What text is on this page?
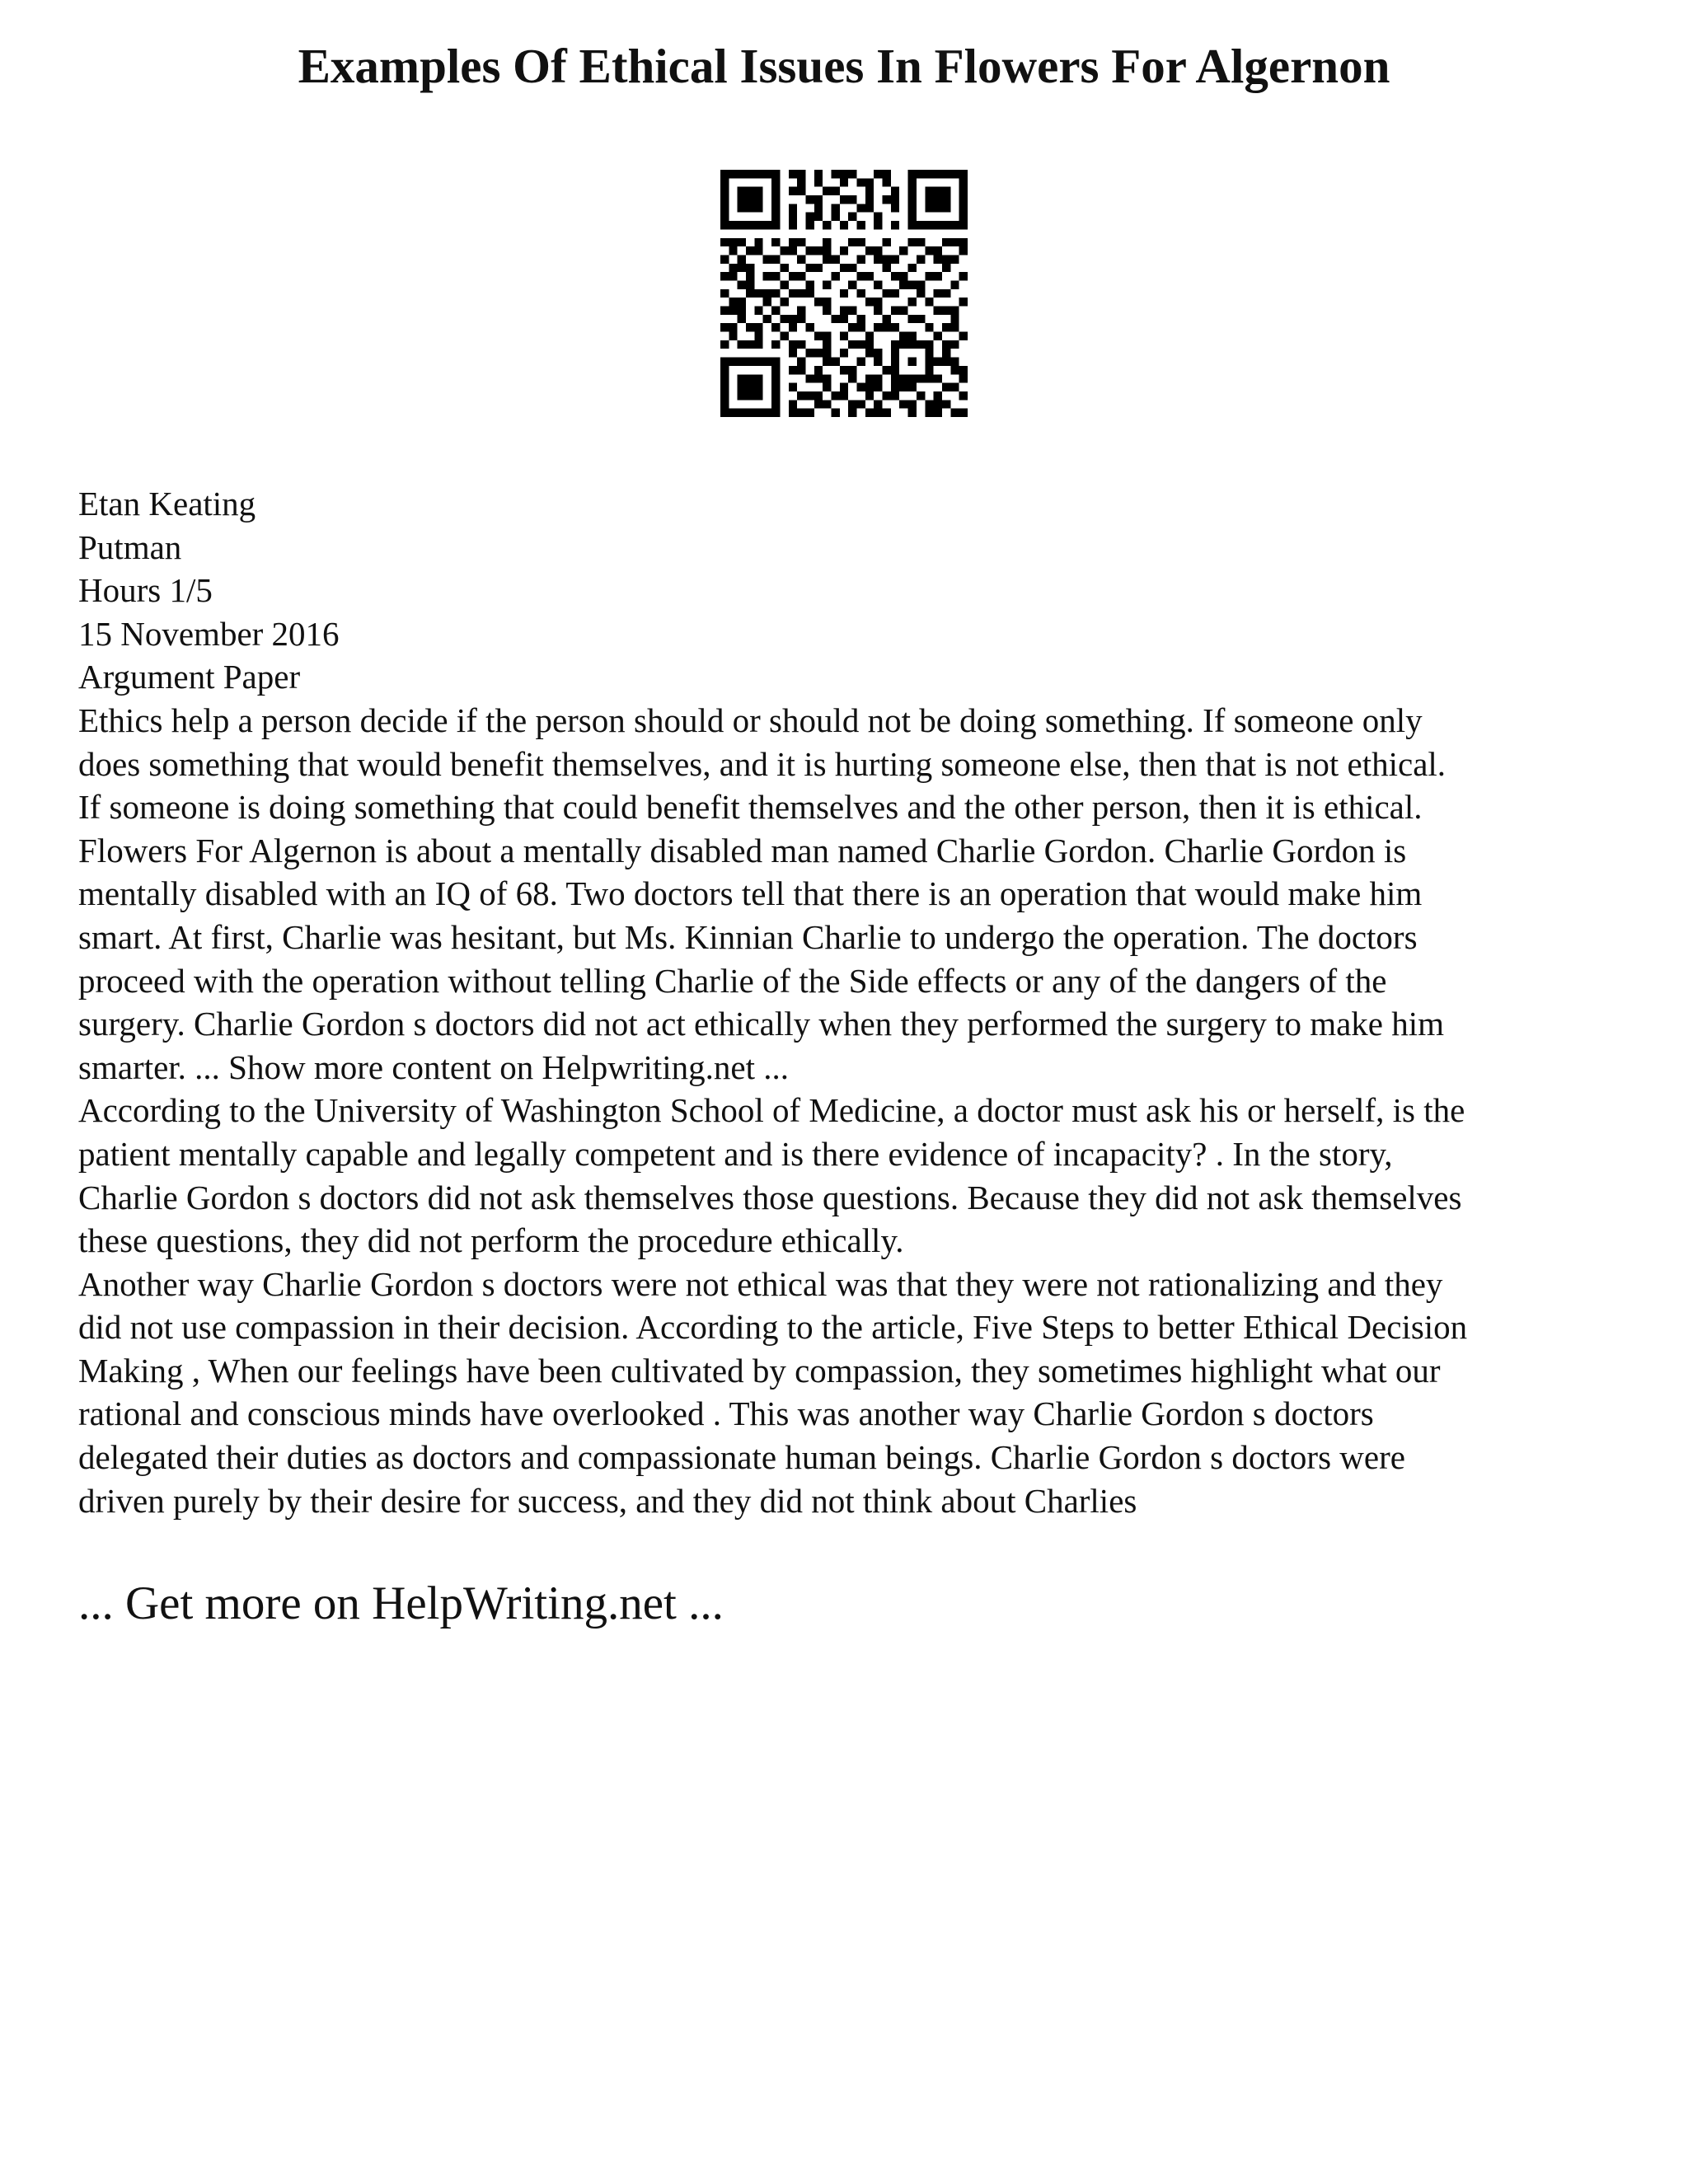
Examples Of Ethical Issues In Flowers For Algernon
Etan Keating
Putman
Hours 1/5
15 November 2016
Argument Paper
Ethics help a person decide if the person should or should not be doing something. If someone only
does something that would benefit themselves, and it is hurting someone else, then that is not ethical.
If someone is doing something that could benefit themselves and the other person, then it is ethical.
Flowers For Algernon is about a mentally disabled man named Charlie Gordon. Charlie Gordon is
mentally disabled with an IQ of 68. Two doctors tell that there is an operation that would make him
smart. At first, Charlie was hesitant, but Ms. Kinnian Charlie to undergo the operation. The doctors
proceed with the operation without telling Charlie of the Side effects or any of the dangers of the
surgery. Charlie Gordon s doctors did not act ethically when they performed the surgery to make him
smarter. ... Show more content on Helpwriting.net ...
According to the University of Washington School of Medicine, a doctor must ask his or herself, is the
patient mentally capable and legally competent and is there evidence of incapacity? . In the story,
Charlie Gordon s doctors did not ask themselves those questions. Because they did not ask themselves
these questions, they did not perform the procedure ethically.
Another way Charlie Gordon s doctors were not ethical was that they were not rationalizing and they
did not use compassion in their decision. According to the article, Five Steps to better Ethical Decision
Making , When our feelings have been cultivated by compassion, they sometimes highlight what our
rational and conscious minds have overlooked . This was another way Charlie Gordon s doctors
delegated their duties as doctors and compassionate human beings. Charlie Gordon s doctors were
driven purely by their desire for success, and they did not think about Charlies
... Get more on HelpWriting.net ...
